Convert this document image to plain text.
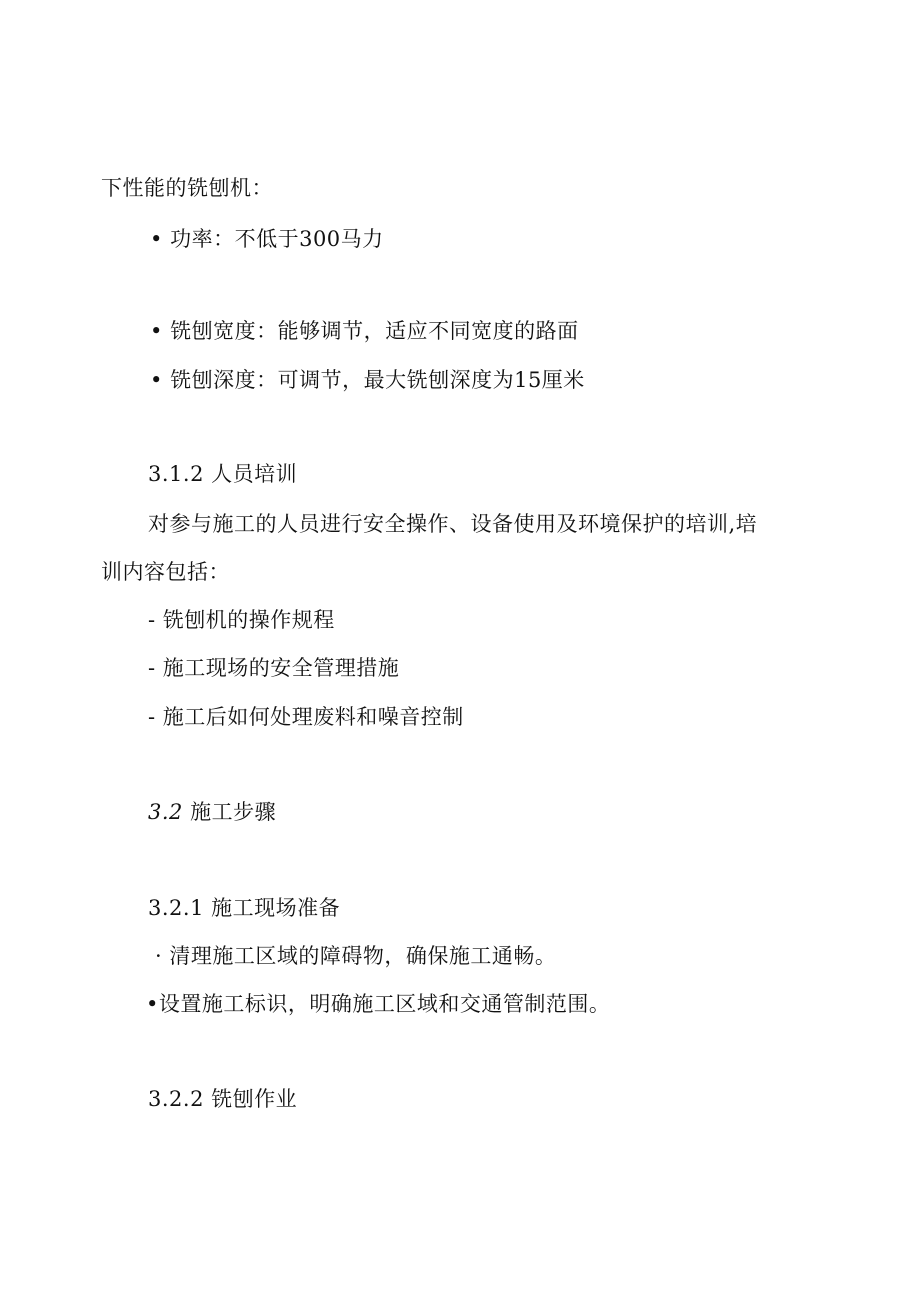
下性能的铣刨机：
• 功率：不低于300马力
• 铣刨宽度：能够调节，适应不同宽度的路面
• 铣刨深度：可调节，最大铣刨深度为15厘米
3.1.2 人员培训
对参与施工的人员进行安全操作、设备使用及环境保护的培训,培
训内容包括：
- 铣刨机的操作规程
- 施工现场的安全管理措施
- 施工后如何处理废料和噪音控制
3.2 施工步骤
3.2.1 施工现场准备
· 清理施工区域的障碍物，确保施工通畅。
•设置施工标识，明确施工区域和交通管制范围。
3.2.2 铣刨作业
